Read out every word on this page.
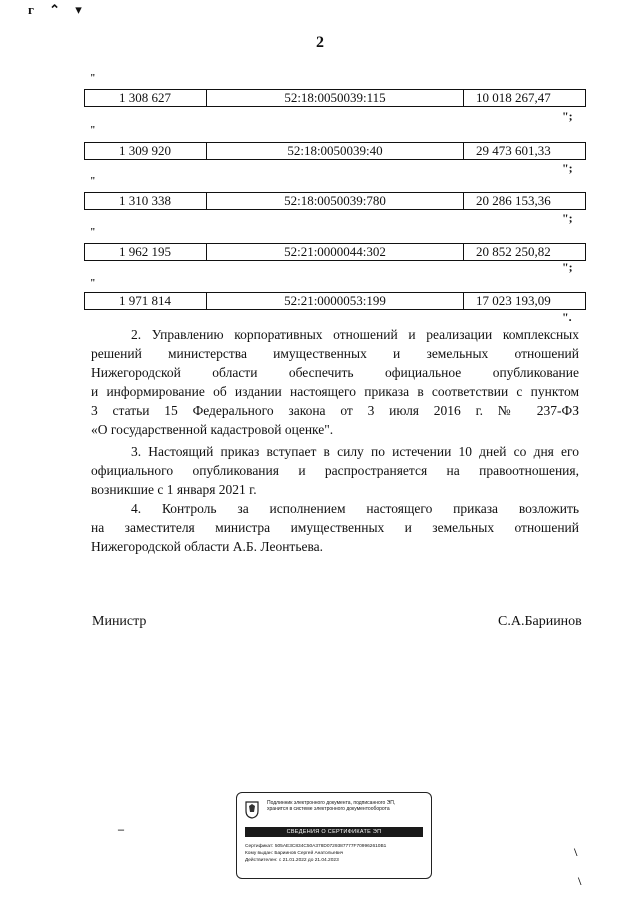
г ⌃ ▾
2
"
1 308 627	52:18:0050039:115	10 018 267,47
";
"
1 309 920	52:18:0050039:40	29 473 601,33
";
"
1 310 338	52:18:0050039:780	20 286 153,36
";
"
1 962 195	52:21:0000044:302	20 852 250,82
";
"
1 971 814	52:21:0000053:199	17 023 193,09
".
2. Управлению корпоративных отношений и реализации комплексных
решений министерства имущественных и земельных отношений
Нижегородской области обеспечить официальное опубликование
и информирование об издании настоящего приказа в соответствии с пунктом
3 статьи 15 Федерального закона от 3 июля 2016 г. № 237-ФЗ
«О государственной кадастровой оценке".
3. Настоящий приказ вступает в силу по истечении 10 дней со дня его
официального опубликования и распространяется на правоотношения,
возникшие с 1 января 2021 г.
4. Контроль за исполнением настоящего приказа возложить
на заместителя министра имущественных и земельных отношений
Нижегородской области А.Б. Леонтьева.
Министр	С.А.Бариинов
Подлинник электронного документа, подписанного ЭП,
хранится в системе электронного документооборота
СВЕДЕНИЯ О СЕРТИФИКАТЕ ЭП
Сертификат: 505AE3C834C50A378D0729387777F709962610B1
Кому выдан: Бариинов Сергей Анатольевич
Действителен: с 21.01.2022 до 21.04.2023
–
\
\
